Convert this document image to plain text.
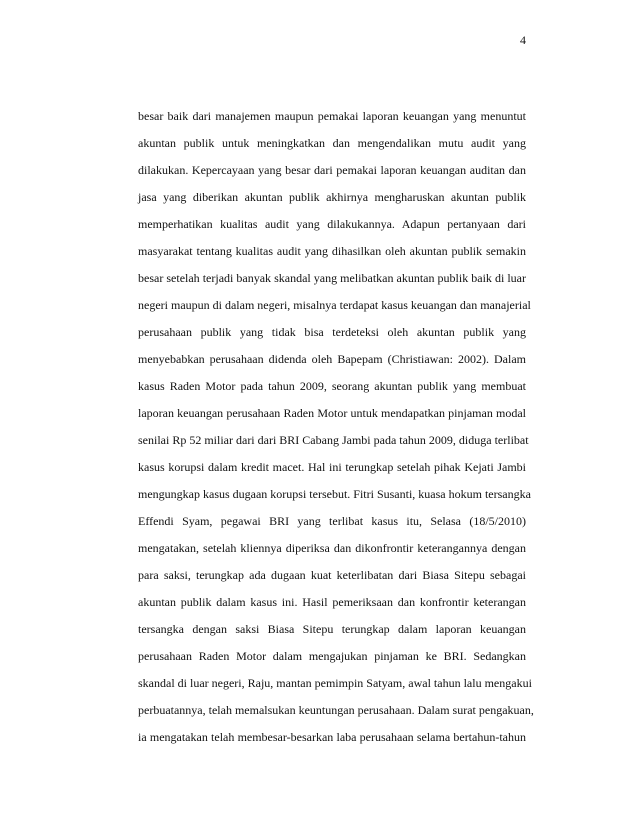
4
besar baik dari manajemen maupun pemakai laporan keuangan yang menuntut
akuntan publik untuk meningkatkan dan mengendalikan mutu audit yang
dilakukan. Kepercayaan yang besar dari pemakai laporan keuangan auditan dan
jasa yang diberikan akuntan publik akhirnya mengharuskan akuntan publik
memperhatikan kualitas audit yang dilakukannya. Adapun pertanyaan dari
masyarakat tentang kualitas audit yang dihasilkan oleh akuntan publik semakin
besar setelah terjadi banyak skandal yang melibatkan akuntan publik baik di luar
negeri maupun di dalam negeri, misalnya terdapat kasus keuangan dan manajerial
perusahaan publik yang tidak bisa terdeteksi oleh akuntan publik yang
menyebabkan perusahaan didenda oleh Bapepam (Christiawan: 2002). Dalam
kasus Raden Motor pada tahun 2009, seorang akuntan publik yang membuat
laporan keuangan perusahaan Raden Motor untuk mendapatkan pinjaman modal
senilai Rp 52 miliar dari dari BRI Cabang Jambi pada tahun 2009, diduga terlibat
kasus korupsi dalam kredit macet. Hal ini terungkap setelah pihak Kejati Jambi
mengungkap kasus dugaan korupsi tersebut. Fitri Susanti, kuasa hokum tersangka
Effendi Syam, pegawai BRI yang terlibat kasus itu, Selasa (18/5/2010)
mengatakan, setelah kliennya diperiksa dan dikonfrontir keterangannya dengan
para saksi, terungkap ada dugaan kuat keterlibatan dari Biasa Sitepu sebagai
akuntan publik dalam kasus ini. Hasil pemeriksaan dan konfrontir keterangan
tersangka dengan saksi Biasa Sitepu terungkap dalam laporan keuangan
perusahaan Raden Motor dalam mengajukan pinjaman ke BRI. Sedangkan
skandal di luar negeri, Raju, mantan pemimpin Satyam, awal tahun lalu mengakui
perbuatannya, telah memalsukan keuntungan perusahaan. Dalam surat pengakuan,
ia mengatakan telah membesar-besarkan laba perusahaan selama bertahun-tahun
